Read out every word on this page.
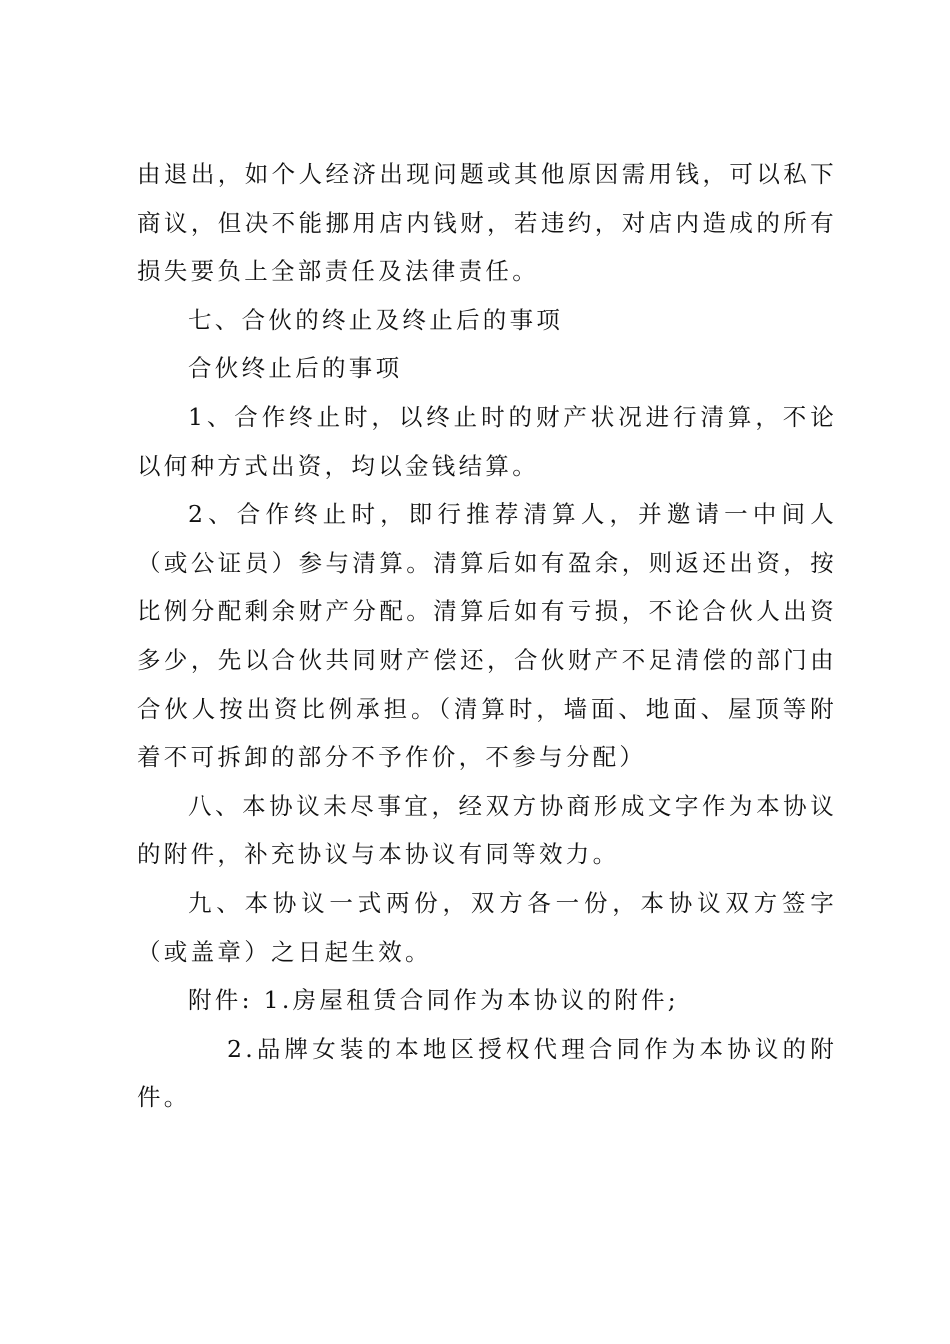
由退出，如个人经济出现问题或其他原因需用钱，可以私下商议，但决不能挪用店内钱财，若违约，对店内造成的所有损失要负上全部责任及法律责任。

七、合伙的终止及终止后的事项

合伙终止后的事项

1、合作终止时，以终止时的财产状况进行清算，不论以何种方式出资，均以金钱结算。

2、合作终止时，即行推荐清算人，并邀请一中间人（或公证员）参与清算。清算后如有盈余，则返还出资，按比例分配剩余财产分配。清算后如有亏损，不论合伙人出资多少，先以合伙共同财产偿还，合伙财产不足清偿的部门由合伙人按出资比例承担。（清算时，墙面、地面、屋顶等附着不可拆卸的部分不予作价，不参与分配）

八、本协议未尽事宜，经双方协商形成文字作为本协议的附件，补充协议与本协议有同等效力。

九、本协议一式两份，双方各一份，本协议双方签字（或盖章）之日起生效。

附件: 1.房屋租赁合同作为本协议的附件;

2.品牌女装的本地区授权代理合同作为本协议的附件。
